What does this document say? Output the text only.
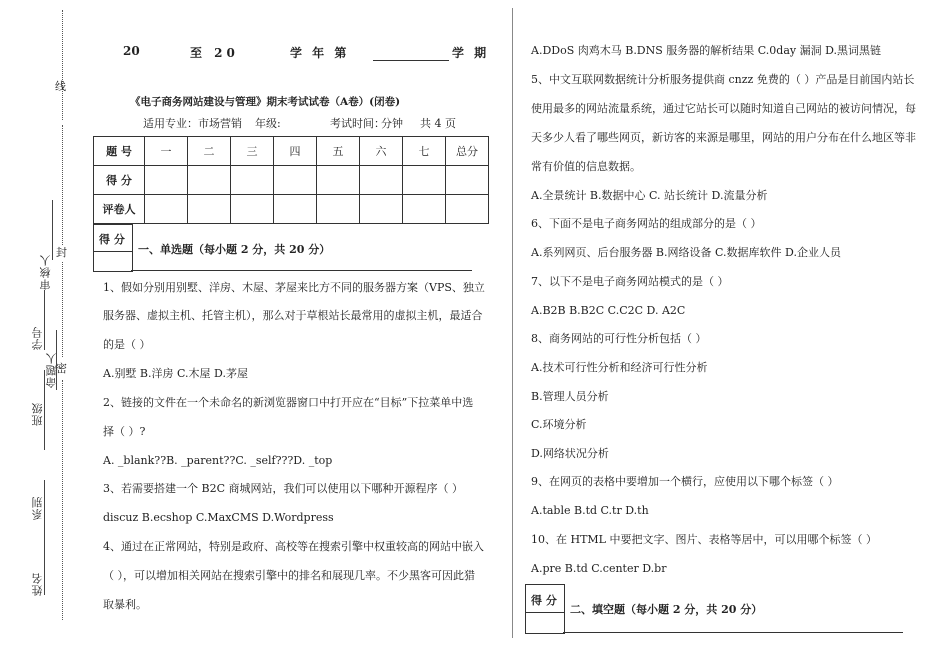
线
封
密
审核人
学号
命题人
班级
系别
姓名
20	至 20	学 年 第	学 期
《电子商务网站建设与管理》期末考试试卷（A卷）(闭卷)
适用专业：市场营销 年级:	考试时间：
分钟 共 4 页
题 号	一	二	三	四	五	六	七	总分
得 分								
评卷人								
得 分
一、单选题（每小题 2 分，共 20 分）
1、假如分别用别墅、洋房、木屋、茅屋来比方不同的服务器方案（VPS、独立
服务器、虚拟主机、托管主机），那么对于草根站长最常用的虚拟主机，最适合
的是（ ）
A.别墅 B.洋房 C.木屋 D.茅屋
2、链接的文件在一个未命名的新浏览器窗口中打开应在“目标”下拉菜单中选
择（ ）?
A. _blank??B. _parent??C. _self???D. _top
3、若需要搭建一个 B2C 商城网站，我们可以使用以下哪种开源程序（ ）
discuz B.ecshop C.MaxCMS D.Wordpress
4、通过在正常网站，特别是政府、高校等在搜索引擎中权重较高的网站中嵌入
（ ），可以增加相关网站在搜索引擎中的排名和展现几率。不少黑客可因此猎
取暴利。
A.DDoS 肉鸡木马 B.DNS 服务器的解析结果 C.0day 漏洞 D.黑词黑链
5、中文互联网数据统计分析服务提供商 cnzz 免费的（ ）产品是目前国内站长
使用最多的网站流量系统，通过它站长可以随时知道自己网站的被访问情况，每
天多少人看了哪些网页，新访客的来源是哪里，网站的用户分布在什么地区等非
常有价值的信息数据。
A.全景统计 B.数据中心 C. 站长统计 D.流量分析
6、下面不是电子商务网站的组成部分的是（ ）
A.系列网页、后台服务器 B.网络设备 C.数据库软件 D.企业人员
7、以下不是电子商务网站模式的是（ ）
A.B2B B.B2C C.C2C D. A2C
8、商务网站的可行性分析包括（ ）
A.技术可行性分析和经济可行性分析
B.管理人员分析
C.环境分析
D.网络状况分析
9、在网页的表格中要增加一个横行，应使用以下哪个标签（ ）
A.table B.td C.tr D.th
10、在 HTML 中要把文字、图片、表格等居中，可以用哪个标签（ ）
A.pre B.td C.center D.br
得 分
二、填空题（每小题 2 分，共 20 分）
